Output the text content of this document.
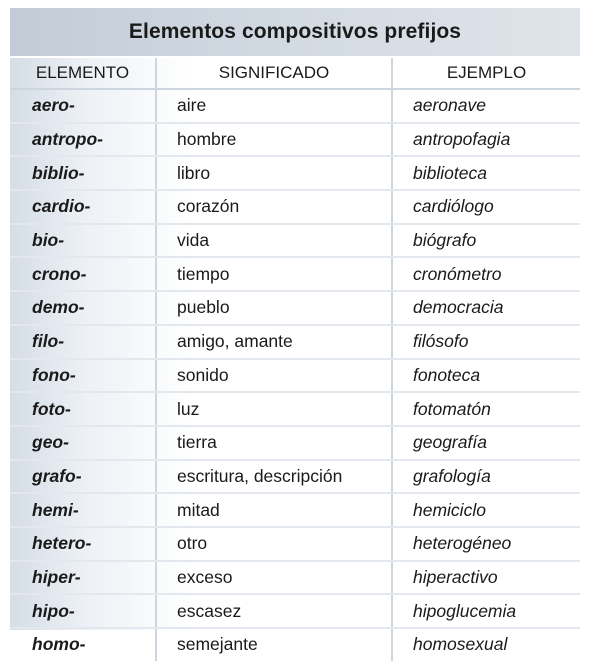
Elementos compositivos prefijos
ELEMENTO	SIGNIFICADO	EJEMPLO
aero-	aire	aeronave
antropo-	hombre	antropofagia
biblio-	libro	biblioteca
cardio-	corazón	cardiólogo
bio-	vida	biógrafo
crono-	tiempo	cronómetro
demo-	pueblo	democracia
filo-	amigo, amante	filósofo
fono-	sonido	fonoteca
foto-	luz	fotomatón
geo-	tierra	geografía
grafo-	escritura, descripción	grafología
hemi-	mitad	hemiciclo
hetero-	otro	heterogéneo
hiper-	exceso	hiperactivo
hipo-	escasez	hipoglucemia
homo-	semejante	homosexual
